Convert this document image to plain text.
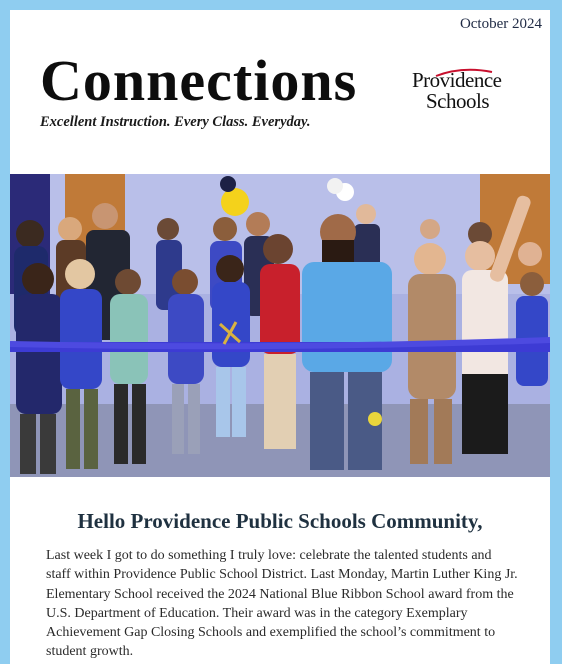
October 2024
Connections
Excellent Instruction. Every Class. Everyday.
Providence
Schools
Hello Providence Public Schools Community,

Last week I got to do something I truly love: celebrate the talented students and staff within Providence Public School District. Last Monday, Martin Luther King Jr. Elementary School received the 2024 National Blue Ribbon School award from the U.S. Department of Education. Their award was in the category Exemplary Achievement Gap Closing Schools and exemplified the school’s commitment to student growth.
